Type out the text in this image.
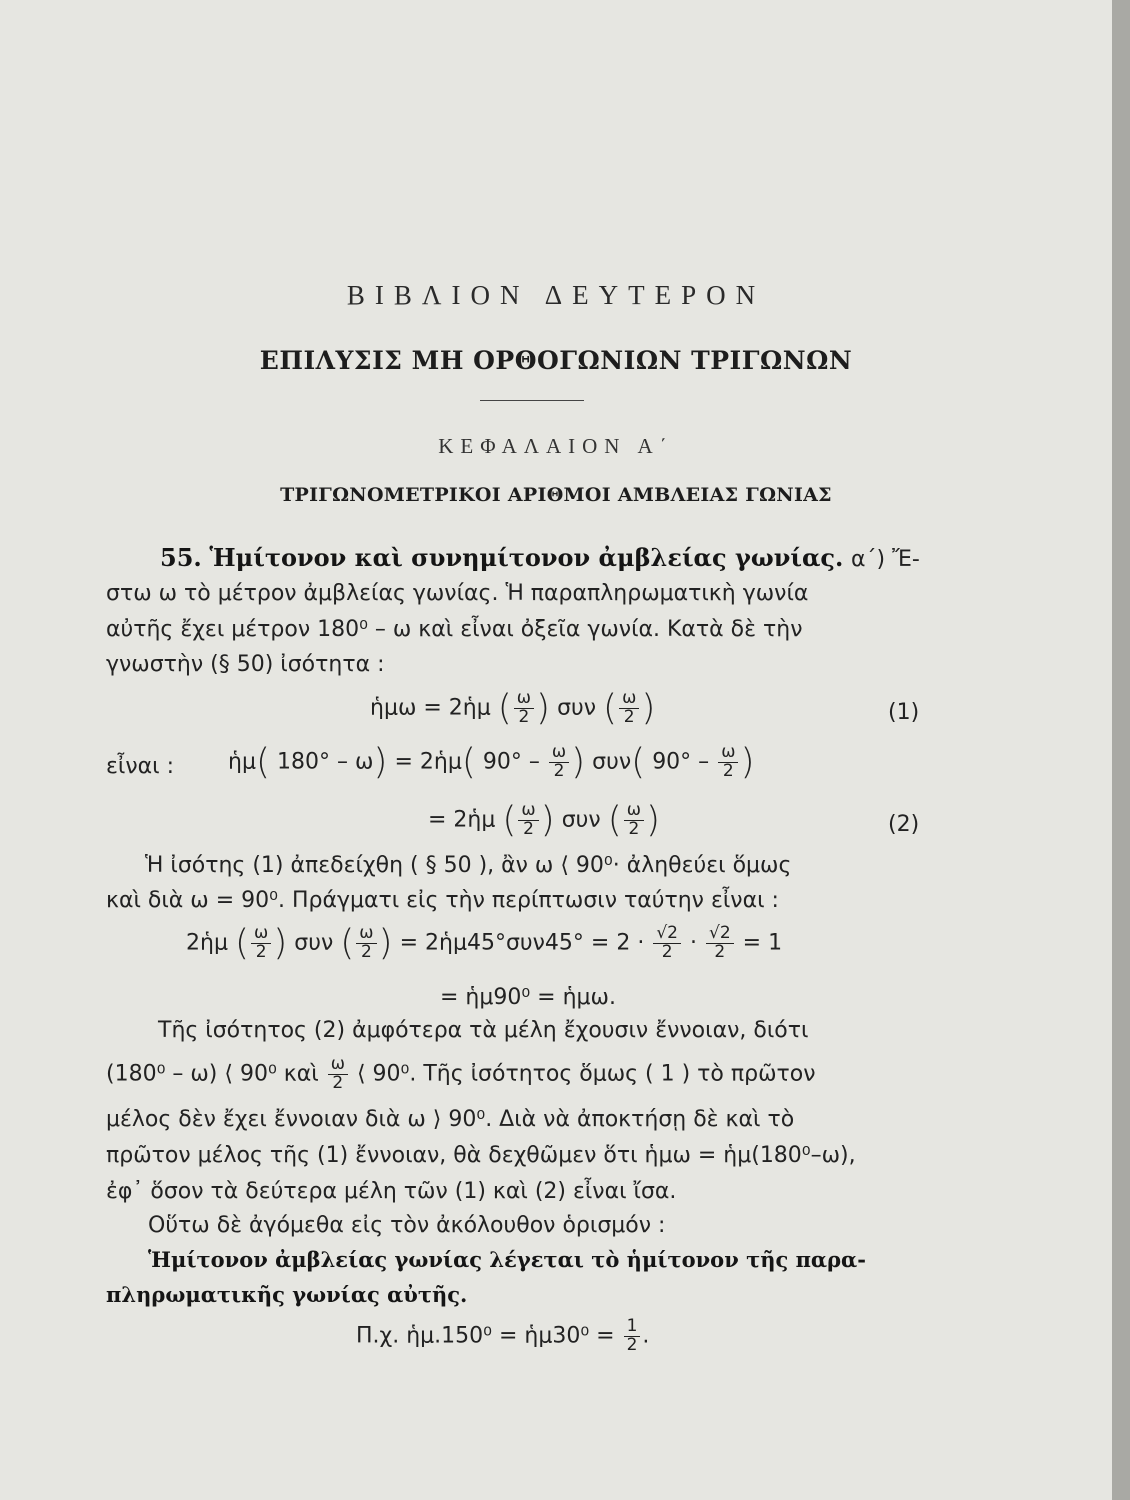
ΒΙΒΛΙΟΝ ΔΕΥΤΕΡΟΝ
ΕΠΙΛΥΣΙΣ ΜΗ ΟΡΘΟΓΩΝΙΩΝ ΤΡΙΓΩΝΩΝ
ΚΕΦΑΛΑΙΟΝ Α΄
ΤΡΙΓΩΝΟΜΕΤΡΙΚΟΙ ΑΡΙΘΜΟΙ ΑΜΒΛΕΙΑΣ ΓΩΝΙΑΣ
55. Ἡμίτονον καὶ συνημίτονον ἀμβλείας γωνίας. α΄) Ἔ-
στω ω τὸ μέτρον ἀμβλείας γωνίας. Ἡ παραπληρωματικὴ γωνία
αὐτῆς ἔχει μέτρον 180⁰ – ω καὶ εἶναι ὀξεῖα γωνία. Κατὰ δὲ τὴν
γνωστὴν (§ 50) ἰσότητα :
ἡμω = 2ἡμ ( $\frac{\omega}{2}$ ) συν ( $\frac{\omega}{2}$ )	(1)
εἶναι : ἡμ( 180° – ω) = 2ἡμ( $90^\circ - \frac{\omega}{2}$ ) συν( $90^\circ - \frac{\omega}{2}$ )
= 2ἡμ ( $\frac{\omega}{2}$ ) συν ( $\frac{\omega}{2}$ )	(2)
Ἡ ἰσότης (1) ἀπεδείχθη ( § 50 ), ἂν ω ⟨ 90⁰· ἀληθεύει ὅμως
καὶ διὰ ω = 90⁰. Πράγματι εἰς τὴν περίπτωσιν ταύτην εἶναι :
2ἡμ ( $\frac{\omega}{2}$ ) συν ( $\frac{\omega}{2}$ ) = 2ἡμ45°συν45° = $2 \cdot \frac{√2}{2} \cdot \frac{√2}{2} = 1$
= ἡμ90⁰ = ἡμω.
Τῆς ἰσότητος (2) ἀμφότερα τὰ μέλη ἔχουσιν ἔννοιαν, διότι
(180⁰ – ω) ⟨ 90⁰ καὶ $\frac{\omega}{2}$ ⟨ 90⁰. Τῆς ἰσότητος ὅμως ( 1 ) τὸ πρῶτον
μέλος δὲν ἔχει ἔννοιαν διὰ ω ⟩ 90⁰. Διὰ νὰ ἀποκτήσῃ δὲ καὶ τὸ
πρῶτον μέλος τῆς (1) ἔννοιαν, θὰ δεχθῶμεν ὅτι ἡμω = ἡμ(180⁰–ω),
ἐφ᾽ ὅσον τὰ δεύτερα μέλη τῶν (1) καὶ (2) εἶναι ἴσα.
Οὕτω δὲ ἀγόμεθα εἰς τὸν ἀκόλουθον ὁρισμόν :
Ἡμίτονον ἀμβλείας γωνίας λέγεται τὸ ἡμίτονον τῆς παρα-
πληρωματικῆς γωνίας αὐτῆς.
Π.χ. ἡμ.150⁰ = ἡμ30⁰ = $\frac{1}{2}$ .
